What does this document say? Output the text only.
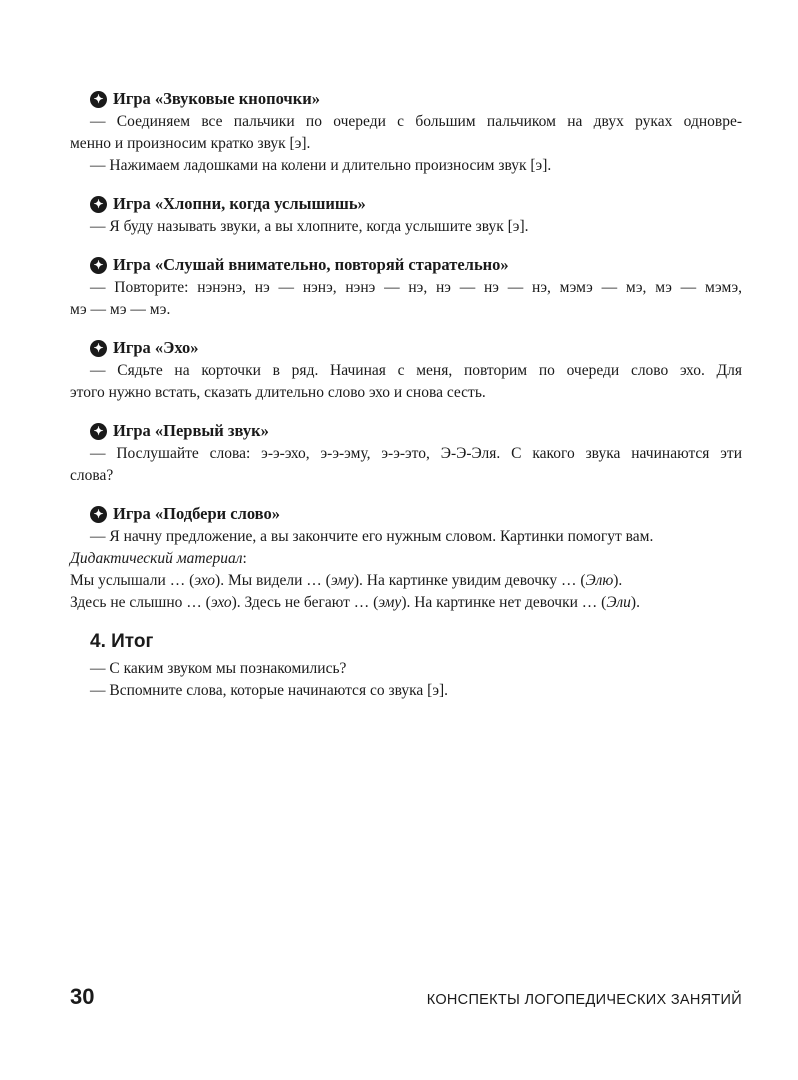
✦ Игра «Звуковые кнопочки»

— Соединяем все пальчики по очереди с большим пальчиком на двух руках одновре-

менно и произносим кратко звук [э].

— Нажимаем ладошками на колени и длительно произносим звук [э].

✦ Игра «Хлопни, когда услышишь»

— Я буду называть звуки, а вы хлопните, когда услышите звук [э].

✦ Игра «Слушай внимательно, повторяй старательно»

— Повторите: нэнэнэ, нэ — нэнэ, нэнэ — нэ, нэ — нэ — нэ, мэмэ — мэ, мэ — мэмэ,

мэ — мэ — мэ.

✦ Игра «Эхо»

— Сядьте на корточки в ряд. Начиная с меня, повторим по очереди слово эхо. Для

этого нужно встать, сказать длительно слово эхо и снова сесть.

✦ Игра «Первый звук»

— Послушайте слова: э-э-эхо, э-э-эму, э-э-это, Э-Э-Эля. С какого звука начинаются эти

слова?

✦ Игра «Подбери слово»

— Я начну предложение, а вы закончите его нужным словом. Картинки помогут вам.

Дидактический материал:

Мы услышали … (эхо). Мы видели … (эму). На картинке увидим девочку … (Элю).

Здесь не слышно … (эхо). Здесь не бегают … (эму). На картинке нет девочки … (Эли).

4. Итог

— С каким звуком мы познакомились?

— Вспомните слова, которые начинаются со звука [э].

30	КОНСПЕКТЫ ЛОГОПЕДИЧЕСКИХ ЗАНЯТИЙ
